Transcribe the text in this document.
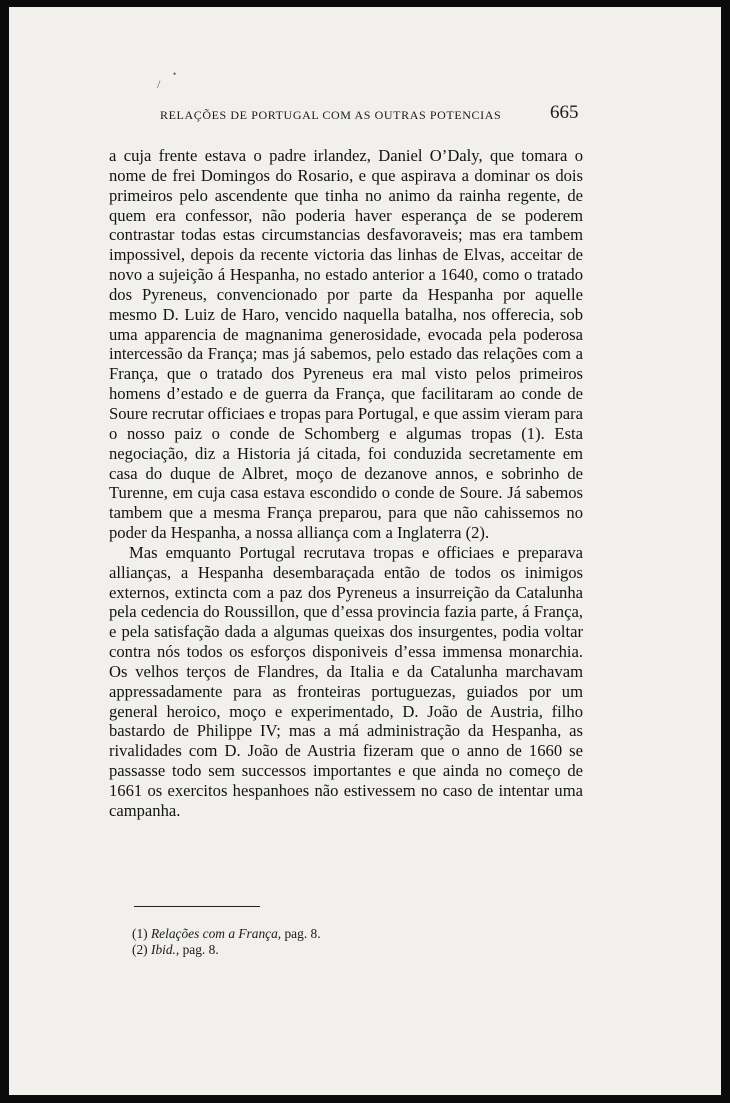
/
•
RELAÇÕES DE PORTUGAL COM AS OUTRAS POTENCIAS	665

a cuja frente estava o padre irlandez, Daniel O’Daly, que tomara o nome de frei Domingos do Rosario, e que aspirava a dominar os dois primeiros pelo ascendente que tinha no animo da rainha regente, de quem era confessor, não poderia haver esperança de se poderem contrastar todas estas circumstancias desfavoraveis; mas era tambem impossivel, depois da recente victoria das linhas de Elvas, acceitar de novo a sujeição á Hespanha, no estado anterior a 1640, como o tratado dos Pyreneus, convencionado por parte da Hespanha por aquelle mesmo D. Luiz de Haro, vencido naquella batalha, nos offerecia, sob uma apparencia de magnanima generosidade, evocada pela poderosa intercessão da França; mas já sabemos, pelo estado das relações com a França, que o tratado dos Pyreneus era mal visto pelos primeiros homens d’estado e de guerra da França, que facilitaram ao conde de Soure recrutar officiaes e tropas para Portugal, e que assim vieram para o nosso paiz o conde de Schomberg e algumas tropas (1). Esta negociação, diz a Historia já citada, foi conduzida secretamente em casa do duque de Albret, moço de dezanove annos, e sobrinho de Turenne, em cuja casa estava escondido o conde de Soure. Já sabemos tambem que a mesma França preparou, para que não cahissemos no poder da Hespanha, a nossa alliança com a Inglaterra (2).

Mas emquanto Portugal recrutava tropas e officiaes e preparava allianças, a Hespanha desembaraçada então de todos os inimigos externos, extincta com a paz dos Pyreneus a insurreição da Catalunha pela cedencia do Roussillon, que d’essa provincia fazia parte, á França, e pela satisfação dada a algumas queixas dos insurgentes, podia voltar contra nós todos os esforços disponiveis d’essa immensa monarchia. Os velhos terços de Flandres, da Italia e da Catalunha marchavam appressadamente para as fronteiras portuguezas, guiados por um general heroico, moço e experimentado, D. João de Austria, filho bastardo de Philippe IV; mas a má administração da Hespanha, as rivalidades com D. João de Austria fizeram que o anno de 1660 se passasse todo sem successos importantes e que ainda no começo de 1661 os exercitos hespanhoes não estivessem no caso de intentar uma campanha.

(1) Relações com a França, pag. 8.
(2) Ibid., pag. 8.
